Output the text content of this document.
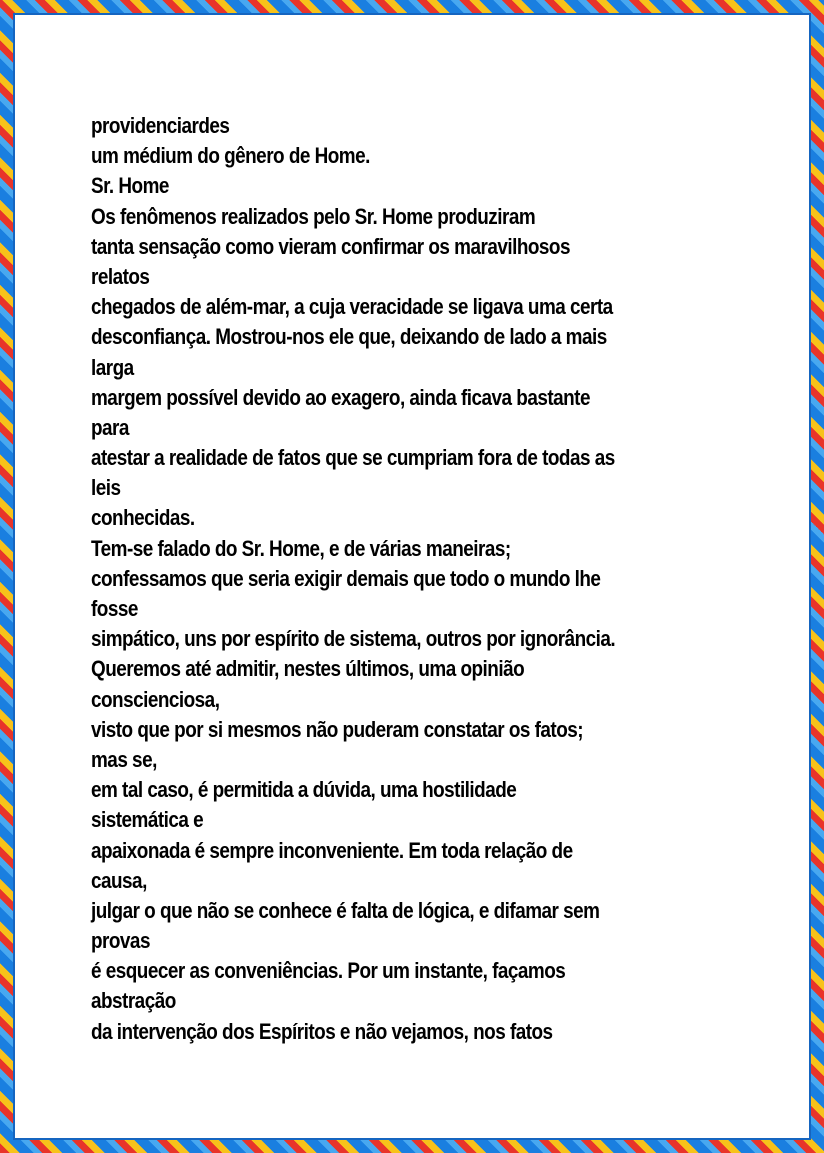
providenciardes
um médium do gênero de Home.
Sr. Home
Os fenômenos realizados pelo Sr. Home produziram
tanta sensação como vieram confirmar os maravilhosos
relatos
chegados de além-mar, a cuja veracidade se ligava uma certa
desconfiança. Mostrou-nos ele que, deixando de lado a mais
larga
margem possível devido ao exagero, ainda ficava bastante
para
atestar a realidade de fatos que se cumpriam fora de todas as
leis
conhecidas.
Tem-se falado do Sr. Home, e de várias maneiras;
confessamos que seria exigir demais que todo o mundo lhe
fosse
simpático, uns por espírito de sistema, outros por ignorância.
Queremos até admitir, nestes últimos, uma opinião
conscienciosa,
visto que por si mesmos não puderam constatar os fatos;
mas se,
em tal caso, é permitida a dúvida, uma hostilidade
sistemática e
apaixonada é sempre inconveniente. Em toda relação de
causa,
julgar o que não se conhece é falta de lógica, e difamar sem
provas
é esquecer as conveniências. Por um instante, façamos
abstração
da intervenção dos Espíritos e não vejamos, nos fatos
